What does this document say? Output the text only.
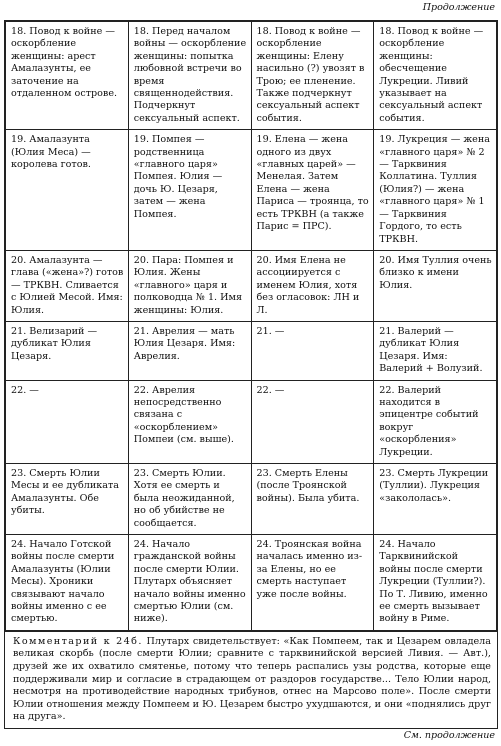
Продолжение
18. Повод к войне — оскорбление женщины: арест Амалазунты, ее заточение на отдаленном острове.	18. Перед началом войны — оскорбление женщины: попытка любовной встречи во время священнодействия. Подчеркнут сексуальный аспект.	18. Повод к войне — оскорбление женщины: Елену насильно (?) увозят в Трою; ее пленение. Также подчеркнут сексуальный аспект события.	18. Повод к войне — оскорбление женщины: обесчещение Лукреции. Ливий указывает на сексуальный аспект события.
19. Амалазунта (Юлия Меса) — королева готов.	19. Помпея — родственница «главного царя» Помпея. Юлия — дочь Ю. Цезаря, затем — жена Помпея.	19. Елена — жена одного из двух «главных царей» — Менелая. Затем Елена — жена Париса — троянца, то есть ТРКВН (а также Парис = ПРС).	19. Лукреция — жена «главного царя» № 2 — Тарквиния Коллатина. Туллия (Юлия?) — жена «главного царя» № 1 — Тарквиния Гордого, то есть ТРКВН.
20. Амалазунта — глава («жена»?) готов — ТРКВН. Сливается с Юлией Месой. Имя: Юлия.	20. Пара: Помпея и Юлия. Жены «главного» царя и полководца № 1. Имя женщины: Юлия.	20. Имя Елена не ассоциируется с именем Юлия, хотя без огласовок: ЛН и Л.	20. Имя Туллия очень близко к имени Юлия.
21. Велизарий — дубликат Юлия Цезаря.	21. Аврелия — мать Юлия Цезаря. Имя: Аврелия.	21. —	21. Валерий — дубликат Юлия Цезаря. Имя: Валерий + Волузий.
22. —	22. Аврелия непосредственно связана с «оскорблением» Помпеи (см. выше).	22. —	22. Валерий находится в эпицентре событий вокруг «оскорбления» Лукреции.
23. Смерть Юлии Месы и ее дубликата Амалазунты. Обе убиты.	23. Смерть Юлии. Хотя ее смерть и была неожиданной, но об убийстве не сообщается.	23. Смерть Елены (после Троянской войны). Была убита.	23. Смерть Лукреции (Туллии). Лукреция «закололась».
24. Начало Готской войны после смерти Амалазунты (Юлии Месы). Хроники связывают начало войны именно с ее смертью.	24. Начало гражданской войны после смерти Юлии. Плутарх объясняет начало войны именно смертью Юлии (см. ниже).	24. Троянская война началась именно из-за Елены, но ее смерть наступает уже после войны.	24. Начало Тарквинийской войны после смерти Лукреции (Туллии?). По Т. Ливию, именно ее смерть вызывает войну в Риме.
Комментарий к 24б. Плутарх свидетельствует: «Как Помпеем, так и Цезарем овладела великая скорбь (после смерти Юлии; сравните с тарквинийской версией Ливия. — Авт.), друзей же их охватило смятенье, потому что теперь распались узы родства, которые еще поддерживали мир и согласие в страдающем от раздоров государстве... Тело Юлии народ, несмотря на противодействие народных трибунов, отнес на Марсово поле». После смерти Юлии отношения между Помпеем и Ю. Цезарем быстро ухудшаются, и они «поднялись друг на друга».
См. продолжение
